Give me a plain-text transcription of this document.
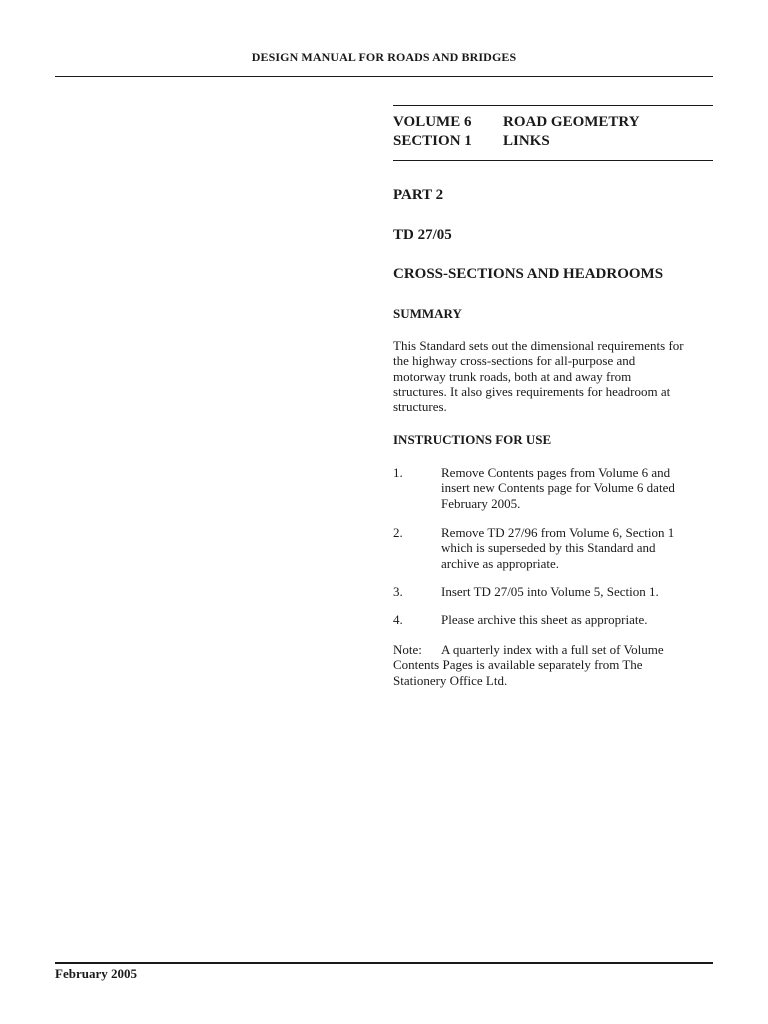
DESIGN MANUAL FOR ROADS AND BRIDGES
VOLUME 6 ROAD GEOMETRY
SECTION 1 LINKS
PART 2
TD 27/05
CROSS-SECTIONS AND HEADROOMS
SUMMARY
This Standard sets out the dimensional requirements for
the highway cross-sections for all-purpose and
motorway trunk roads, both at and away from
structures. It also gives requirements for headroom at
structures.
INSTRUCTIONS FOR USE
1.	Remove Contents pages from Volume 6 and
insert new Contents page for Volume 6 dated
February 2005.
2.	Remove TD 27/96 from Volume 6, Section 1
which is superseded by this Standard and
archive as appropriate.
3.	Insert TD 27/05 into Volume 5, Section 1.
4.	Please archive this sheet as appropriate.
Note: A quarterly index with a full set of Volume
Contents Pages is available separately from The
Stationery Office Ltd.
February 2005
